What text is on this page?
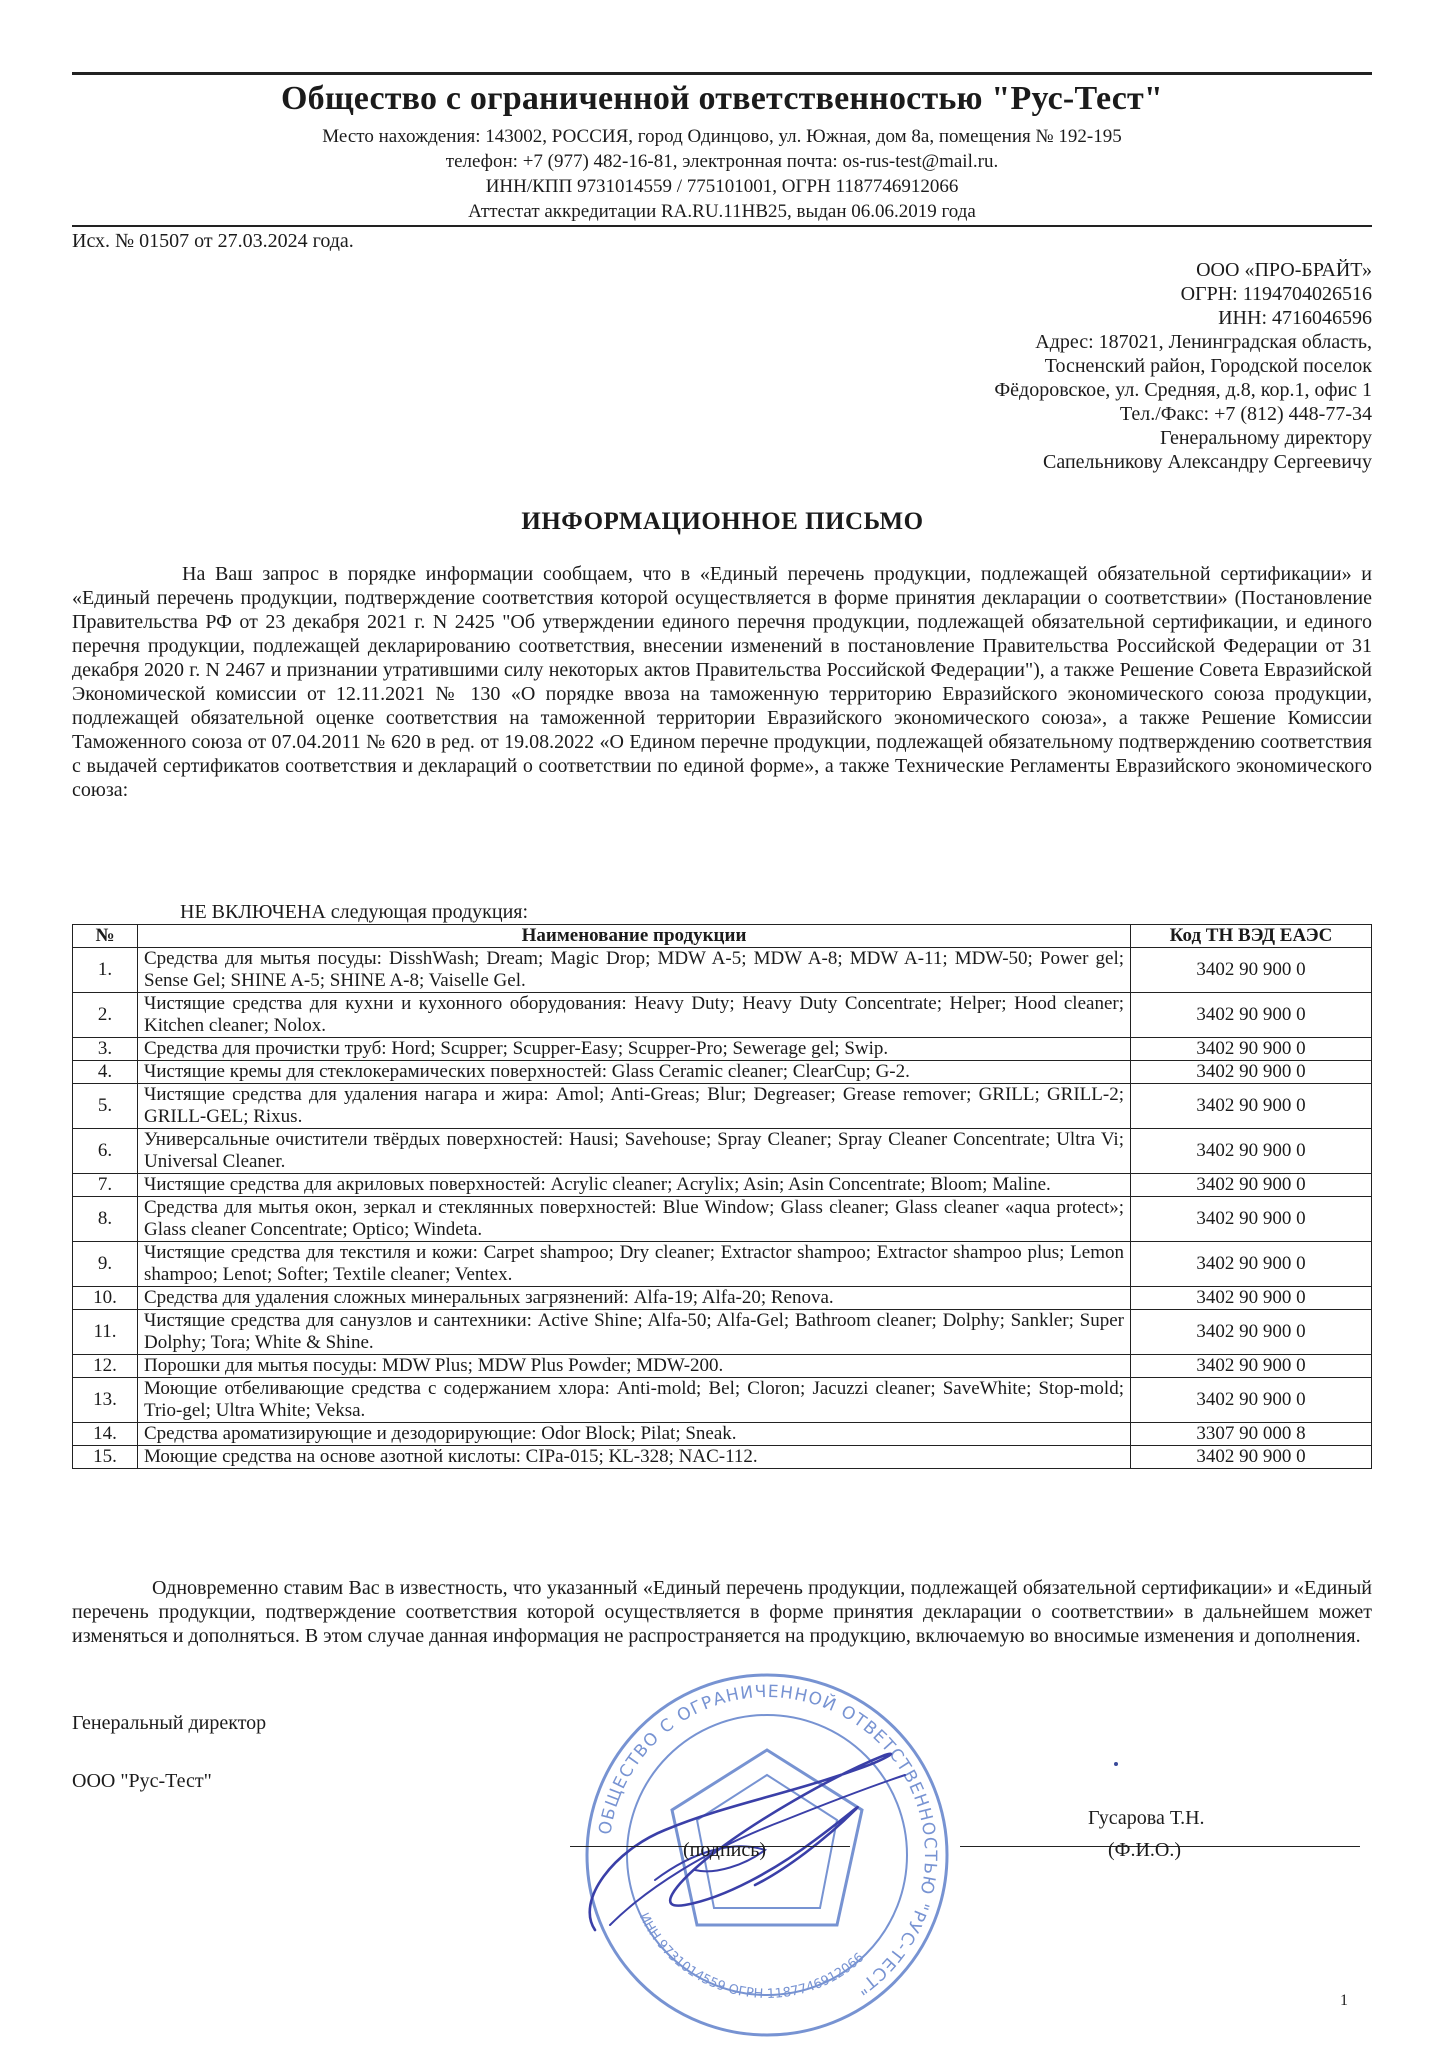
Общество с ограниченной ответственностью "Рус-Тест"
Место нахождения: 143002, РОССИЯ, город Одинцово, ул. Южная, дом 8а, помещения № 192-195
телефон: +7 (977) 482-16-81, электронная почта: os-rus-test@mail.ru.
ИНН/КПП 9731014559 / 775101001, ОГРН 1187746912066
Аттестат аккредитации RA.RU.11НВ25, выдан 06.06.2019 года
Исх. № 01507 от 27.03.2024 года.
ООО «ПРО-БРАЙТ»
ОГРН: 1194704026516
ИНН: 4716046596
Адрес: 187021, Ленинградская область,
Тосненский район, Городской поселок
Фёдоровское, ул. Средняя, д.8, кор.1, офис 1
Тел./Факс: +7 (812) 448-77-34
Генеральному директору
Сапельникову Александру Сергеевичу
ИНФОРМАЦИОННОЕ ПИСЬМО
На Ваш запрос в порядке информации сообщаем, что в «Единый перечень продукции, подлежащей обязательной сертификации» и «Единый перечень продукции, подтверждение соответствия которой осуществляется в форме принятия декларации о соответствии» (Постановление Правительства РФ от 23 декабря 2021 г. N 2425 "Об утверждении единого перечня продукции, подлежащей обязательной сертификации, и единого перечня продукции, подлежащей декларированию соответствия, внесении изменений в постановление Правительства Российской Федерации от 31 декабря 2020 г. N 2467 и признании утратившими силу некоторых актов Правительства Российской Федерации"), а также Решение Совета Евразийской Экономической комиссии от 12.11.2021 № 130 «О порядке ввоза на таможенную территорию Евразийского экономического союза продукции, подлежащей обязательной оценке соответствия на таможенной территории Евразийского экономического союза», а также Решение Комиссии Таможенного союза от 07.04.2011 № 620 в ред. от 19.08.2022 «О Едином перечне продукции, подлежащей обязательному подтверждению соответствия с выдачей сертификатов соответствия и деклараций о соответствии по единой форме», а также Технические Регламенты Евразийского экономического союза:
НЕ ВКЛЮЧЕНА следующая продукция:
№	Наименование продукции	Код ТН ВЭД ЕАЭС
1.	Средства для мытья посуды: DisshWash; Dream; Magic Drop; MDW A-5; MDW A-8; MDW A-11; MDW-50; Power gel; Sense Gel; SHINE A-5; SHINE A-8; Vaiselle Gel.	3402 90 900 0
2.	Чистящие средства для кухни и кухонного оборудования: Heavy Duty; Heavy Duty Concentrate; Helper; Hood cleaner; Kitchen cleaner; Nolox.	3402 90 900 0
3.	Средства для прочистки труб: Hord; Scupper; Scupper-Easy; Scupper-Pro; Sewerage gel; Swip.	3402 90 900 0
4.	Чистящие кремы для стеклокерамических поверхностей: Glass Ceramic cleaner; ClearCup; G-2.	3402 90 900 0
5.	Чистящие средства для удаления нагара и жира: Amol; Anti-Greas; Blur; Degreaser; Grease remover; GRILL; GRILL-2; GRILL-GEL; Rixus.	3402 90 900 0
6.	Универсальные очистители твёрдых поверхностей: Hausi; Savehouse; Spray Cleaner; Spray Cleaner Concentrate; Ultra Vi; Universal Cleaner.	3402 90 900 0
7.	Чистящие средства для акриловых поверхностей: Acrylic cleaner; Acrylix; Asin; Asin Concentrate; Bloom; Maline.	3402 90 900 0
8.	Средства для мытья окон, зеркал и стеклянных поверхностей: Blue Window; Glass cleaner; Glass cleaner «aqua protect»; Glass cleaner Concentrate; Optico; Windeta.	3402 90 900 0
9.	Чистящие средства для текстиля и кожи: Carpet shampoo; Dry cleaner; Extractor shampoo; Extractor shampoo plus; Lemon shampoo; Lenot; Softer; Textile cleaner; Ventex.	3402 90 900 0
10.	Средства для удаления сложных минеральных загрязнений: Alfa-19; Alfa-20; Renova.	3402 90 900 0
11.	Чистящие средства для санузлов и сантехники: Active Shine; Alfa-50; Alfa-Gel; Bathroom cleaner; Dolphy; Sankler; Super Dolphy; Tora; White & Shine.	3402 90 900 0
12.	Порошки для мытья посуды: MDW Plus; MDW Plus Powder; MDW-200.	3402 90 900 0
13.	Моющие отбеливающие средства с содержанием хлора: Anti-mold; Bel; Cloron; Jacuzzi cleaner; SaveWhite; Stop-mold; Trio-gel; Ultra White; Veksa.	3402 90 900 0
14.	Средства ароматизирующие и дезодорирующие: Odor Block; Pilat; Sneak.	3307 90 000 8
15.	Моющие средства на основе азотной кислоты: CIPa-015; KL-328; NAC-112.	3402 90 900 0
Одновременно ставим Вас в известность, что указанный «Единый перечень продукции, подлежащей обязательной сертификации» и «Единый перечень продукции, подтверждение соответствия которой осуществляется в форме принятия декларации о соответствии» в дальнейшем может изменяться и дополняться. В этом случае данная информация не распространяется на продукцию, включаемую во вносимые изменения и дополнения.
Генеральный директор
ООО "Рус-Тест"
ОБЩЕСТВО С ОГРАНИЧЕННОЙ ОТВЕТСТВЕННОСТЬЮ "РУС-ТЕСТ"
ИНН 9731014559 ОГРН 1187746912066
(подпись)
Гусарова Т.Н.
(Ф.И.О.)
1
